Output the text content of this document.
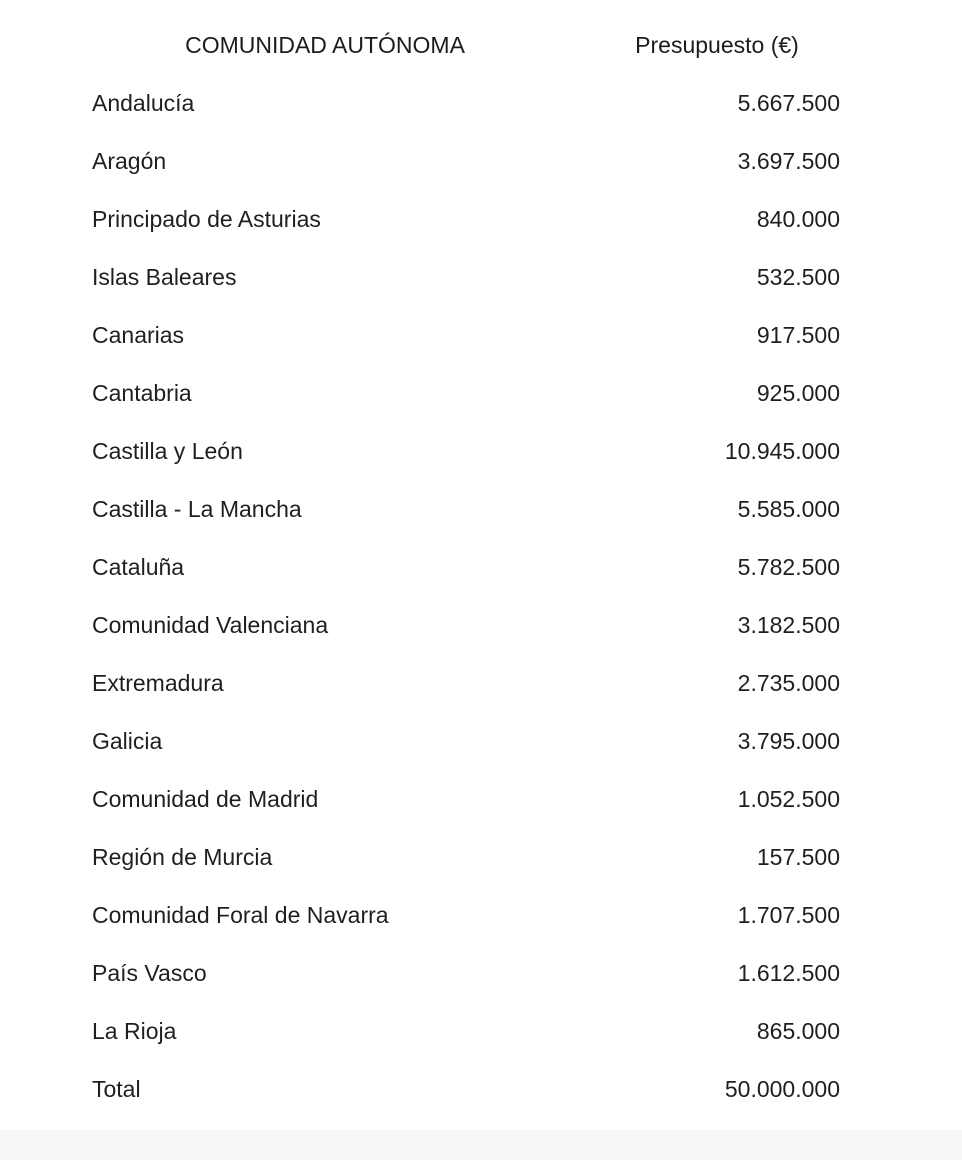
COMUNIDAD AUTÓNOMA	Presupuesto (€)
Andalucía	5.667.500
Aragón	3.697.500
Principado de Asturias	840.000
Islas Baleares	532.500
Canarias	917.500
Cantabria	925.000
Castilla y León	10.945.000
Castilla - La Mancha	5.585.000
Cataluña	5.782.500
Comunidad Valenciana	3.182.500
Extremadura	2.735.000
Galicia	3.795.000
Comunidad de Madrid	1.052.500
Región de Murcia	157.500
Comunidad Foral de Navarra	1.707.500
País Vasco	1.612.500
La Rioja	865.000
Total	50.000.000
